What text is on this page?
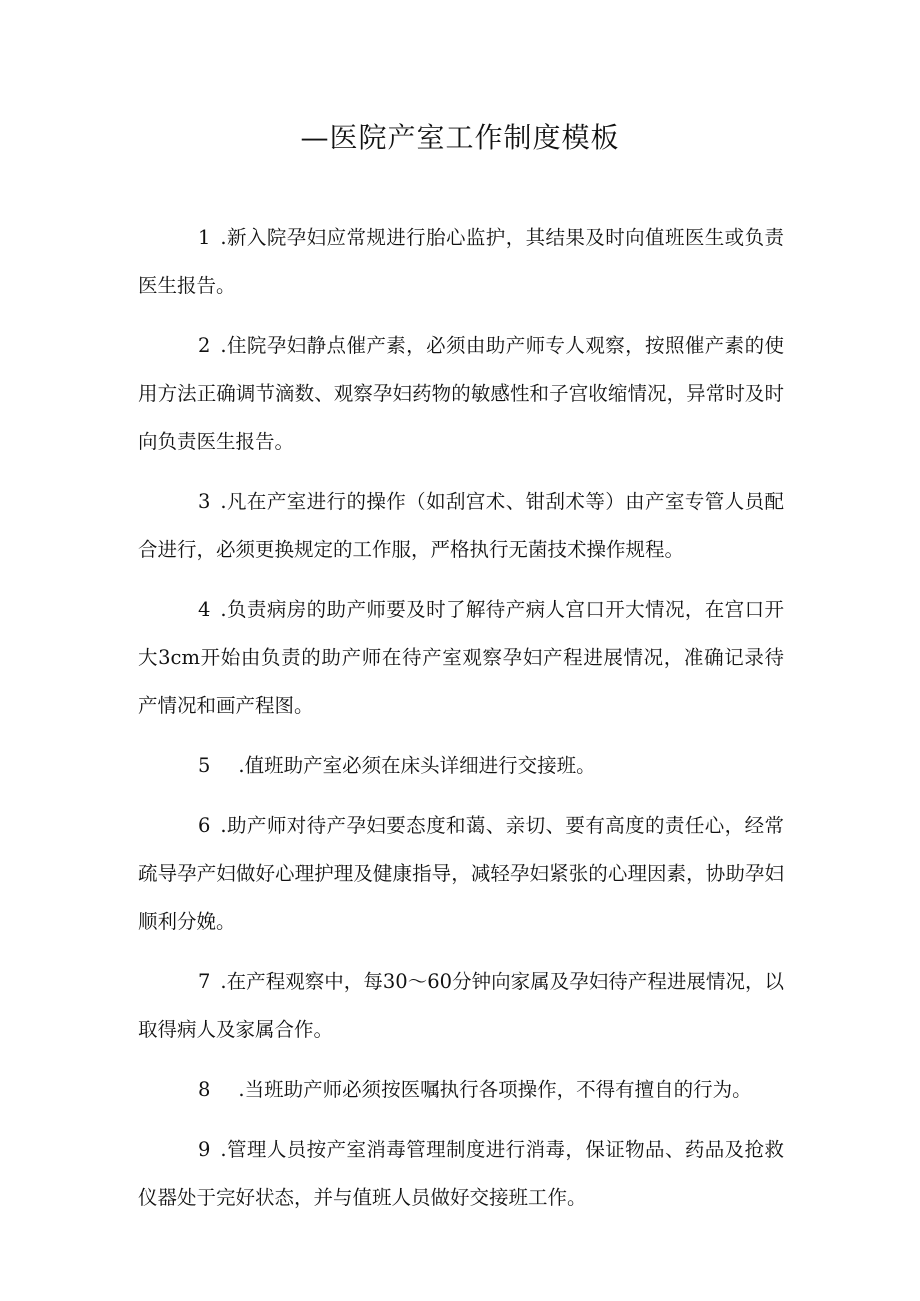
—医院产室工作制度模板

1 .新入院孕妇应常规进行胎心监护，其结果及时向值班医生或负责医生报告。

2 .住院孕妇静点催产素，必须由助产师专人观察，按照催产素的使用方法正确调节滴数、观察孕妇药物的敏感性和子宫收缩情况，异常时及时向负责医生报告。

3 .凡在产室进行的操作（如刮宫术、钳刮术等）由产室专管人员配合进行，必须更换规定的工作服，严格执行无菌技术操作规程。

4 .负责病房的助产师要及时了解待产病人宫口开大情况，在宫口开大3cm开始由负责的助产师在待产室观察孕妇产程进展情况，准确记录待产情况和画产程图。

5 .值班助产室必须在床头详细进行交接班。

6 .助产师对待产孕妇要态度和蔼、亲切、要有高度的责任心，经常疏导孕产妇做好心理护理及健康指导，减轻孕妇紧张的心理因素，协助孕妇顺利分娩。

7 .在产程观察中，每30～60分钟向家属及孕妇待产程进展情况，以取得病人及家属合作。

8 .当班助产师必须按医嘱执行各项操作，不得有擅自的行为。

9 .管理人员按产室消毒管理制度进行消毒，保证物品、药品及抢救仪器处于完好状态，并与值班人员做好交接班工作。
